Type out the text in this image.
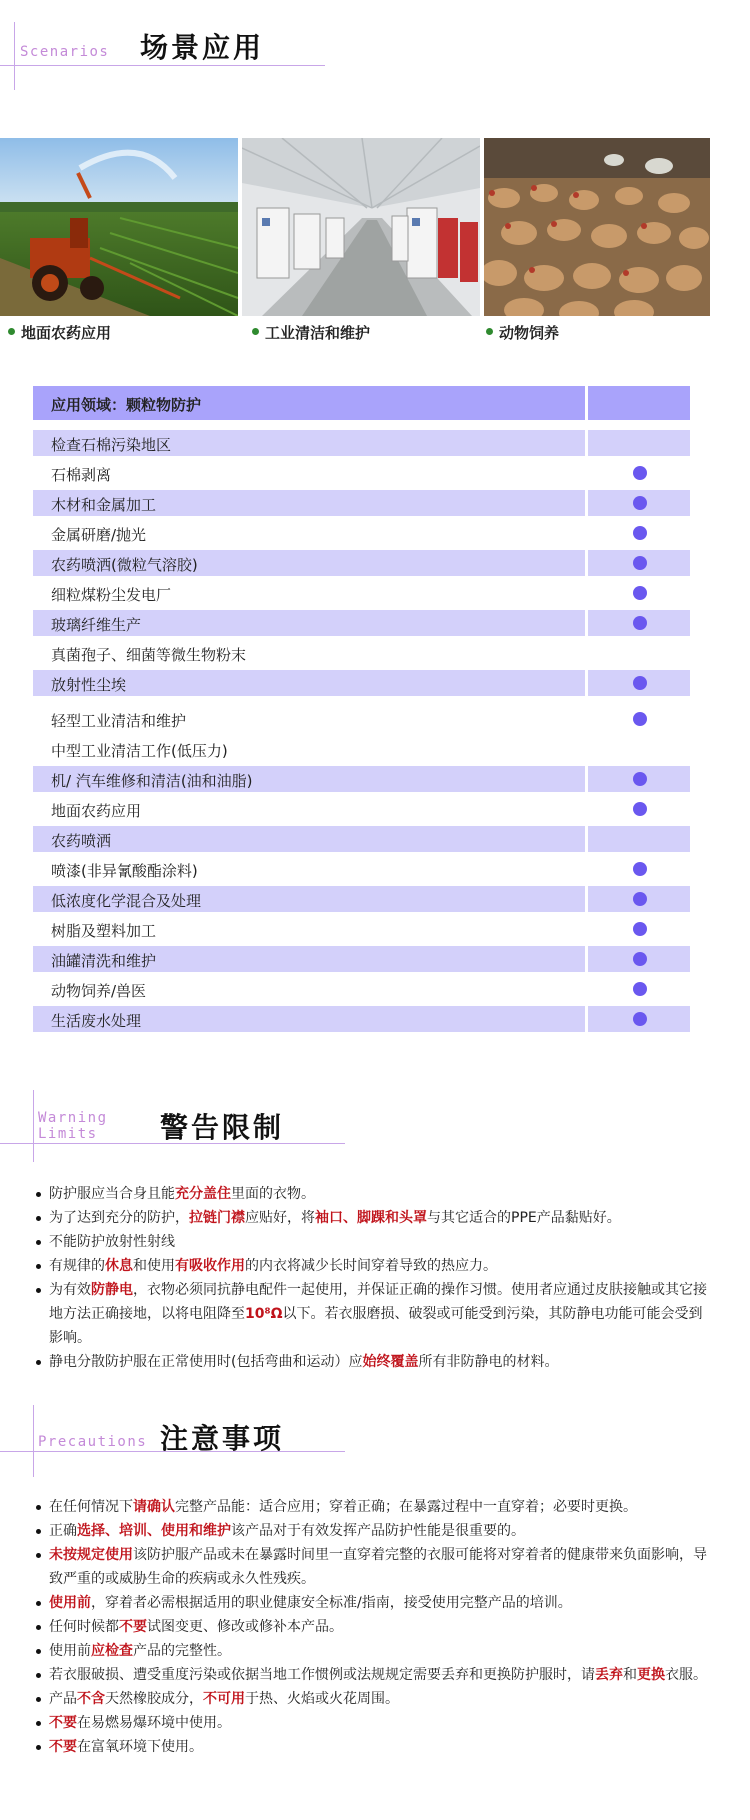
Scenarios 场景应用
地面农药应用	工业清洁和维护	动物饲养
应用领域：颗粒物防护
检查石棉污染地区
石棉剥离
木材和金属加工
金属研磨/抛光
农药喷洒(微粒气溶胶)
细粒煤粉尘发电厂
玻璃纤维生产
真菌孢子、细菌等微生物粉末
放射性尘埃
轻型工业清洁和维护
中型工业清洁工作(低压力)
机/ 汽车维修和清洁(油和油脂)
地面农药应用
农药喷洒
喷漆(非异氰酸酯涂料)
低浓度化学混合及处理
树脂及塑料加工
油罐清洗和维护
动物饲养/兽医
生活废水处理
Warning
Limits 警告限制
防护服应当合身且能充分盖住里面的衣物。
为了达到充分的防护，拉链门襟应贴好，将袖口、脚踝和头罩与其它适合的PPE产品黏贴好。
不能防护放射性射线
有规律的休息和使用有吸收作用的内衣将减少长时间穿着导致的热应力。
为有效防静电，衣物必须同抗静电配件一起使用，并保证正确的操作习惯。使用者应通过皮肤接触或其它接地方法正确接地，以将电阻降至10⁸Ω以下。若衣服磨损、破裂或可能受到污染，其防静电功能可能会受到影响。
静电分散防护服在正常使用时(包括弯曲和运动）应始终覆盖所有非防静电的材料。
Precautions 注意事项
在任何情况下请确认完整产品能：适合应用；穿着正确；在暴露过程中一直穿着；必要时更换。
正确选择、培训、使用和维护该产品对于有效发挥产品防护性能是很重要的。
未按规定使用该防护服产品或未在暴露时间里一直穿着完整的衣服可能将对穿着者的健康带来负面影响，导致严重的或威胁生命的疾病或永久性残疾。
使用前，穿着者必需根据适用的职业健康安全标准/指南，接受使用完整产品的培训。
任何时候都不要试图变更、修改或修补本产品。
使用前应检查产品的完整性。
若衣服破损、遭受重度污染或依据当地工作惯例或法规规定需要丢弃和更换防护服时，请丢弃和更换衣服。
产品不含天然橡胶成分，不可用于热、火焰或火花周围。
不要在易燃易爆环境中使用。
不要在富氧环境下使用。
